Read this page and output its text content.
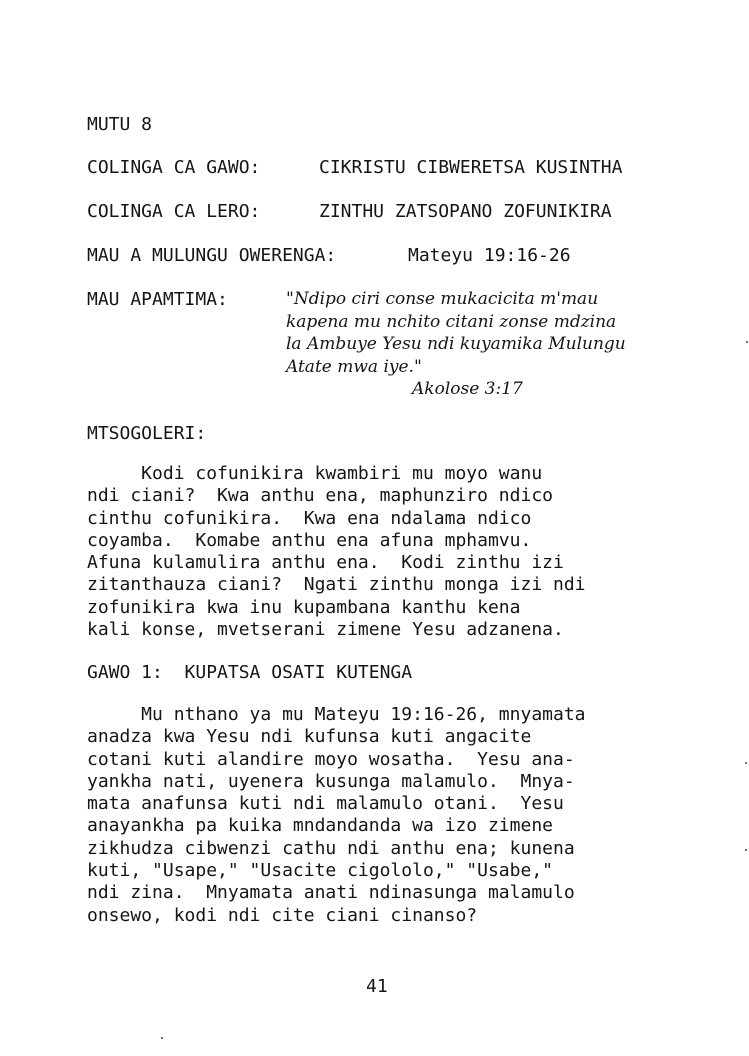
MUTU 8
COLINGA CA GAWO:	CIKRISTU CIBWERETSA KUSINTHA
COLINGA CA LERO:	ZINTHU ZATSOPANO ZOFUNIKIRA
MAU A MULUNGU OWERENGA:	Mateyu 19:16-26
MAU APAMTIMA:	"Ndipo ciri conse mukacicita m'mau
kapena mu nchito citani zonse mdzina
la Ambuye Yesu ndi kuyamika Mulungu
Atate mwa iye."
Akolose 3:17
MTSOGOLERI:
Kodi cofunikira kwambiri mu moyo wanu
ndi ciani?  Kwa anthu ena, maphunziro ndico
cinthu cofunikira.  Kwa ena ndalama ndico
coyamba.  Komabe anthu ena afuna mphamvu.
Afuna kulamulira anthu ena.  Kodi zinthu izi
zitanthauza ciani?  Ngati zinthu monga izi ndi
zofunikira kwa inu kupambana kanthu kena
kali konse, mvetserani zimene Yesu adzanena.
GAWO 1:  KUPATSA OSATI KUTENGA
Mu nthano ya mu Mateyu 19:16-26, mnyamata
anadza kwa Yesu ndi kufunsa kuti angacite
cotani kuti alandire moyo wosatha.  Yesu ana-
yankha nati, uyenera kusunga malamulo.  Mnya-
mata anafunsa kuti ndi malamulo otani.  Yesu
anayankha pa kuika mndandanda wa izo zimene
zikhudza cibwenzi cathu ndi anthu ena; kunena
kuti, "Usape," "Usacite cigololo," "Usabe,"
ndi zina.  Mnyamata anati ndinasunga malamulo
onsewo, kodi ndi cite ciani cinanso?
41
